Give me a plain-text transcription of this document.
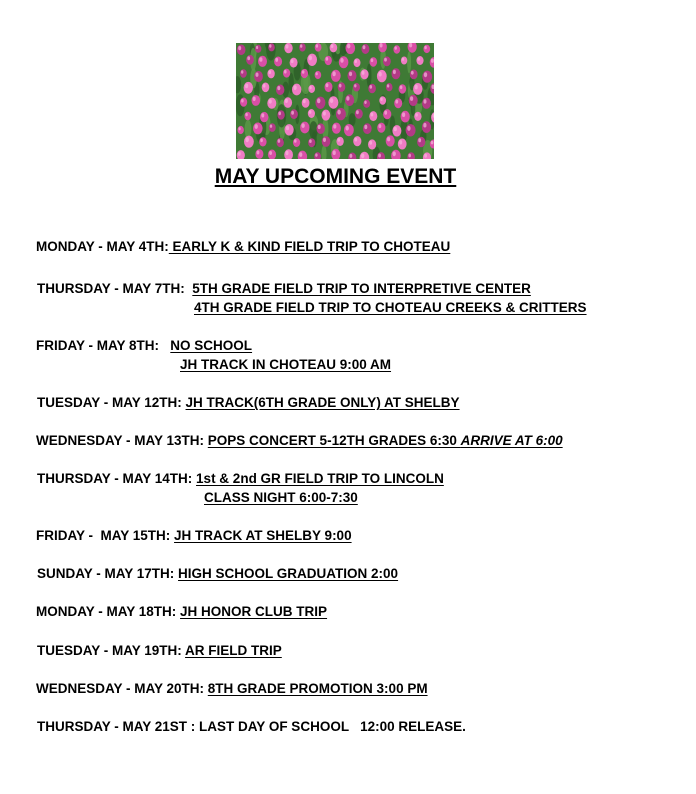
MAY UPCOMING EVENT
MONDAY - MAY 4TH: EARLY K & KIND FIELD TRIP TO CHOTEAU
THURSDAY - MAY 7TH:  5TH GRADE FIELD TRIP TO INTERPRETIVE CENTER
4TH GRADE FIELD TRIP TO CHOTEAU CREEKS & CRITTERS
FRIDAY - MAY 8TH:   NO SCHOOL
JH TRACK IN CHOTEAU 9:00 AM
TUESDAY - MAY 12TH: JH TRACK(6TH GRADE ONLY) AT SHELBY
WEDNESDAY - MAY 13TH: POPS CONCERT 5-12TH GRADES 6:30 ARRIVE AT 6:00
THURSDAY - MAY 14TH: 1st & 2nd GR FIELD TRIP TO LINCOLN
CLASS NIGHT 6:00-7:30
FRIDAY -  MAY 15TH: JH TRACK AT SHELBY 9:00
SUNDAY - MAY 17TH: HIGH SCHOOL GRADUATION 2:00
MONDAY - MAY 18TH: JH HONOR CLUB TRIP
TUESDAY - MAY 19TH: AR FIELD TRIP
WEDNESDAY - MAY 20TH: 8TH GRADE PROMOTION 3:00 PM
THURSDAY - MAY 21ST : LAST DAY OF SCHOOL   12:00 RELEASE.
